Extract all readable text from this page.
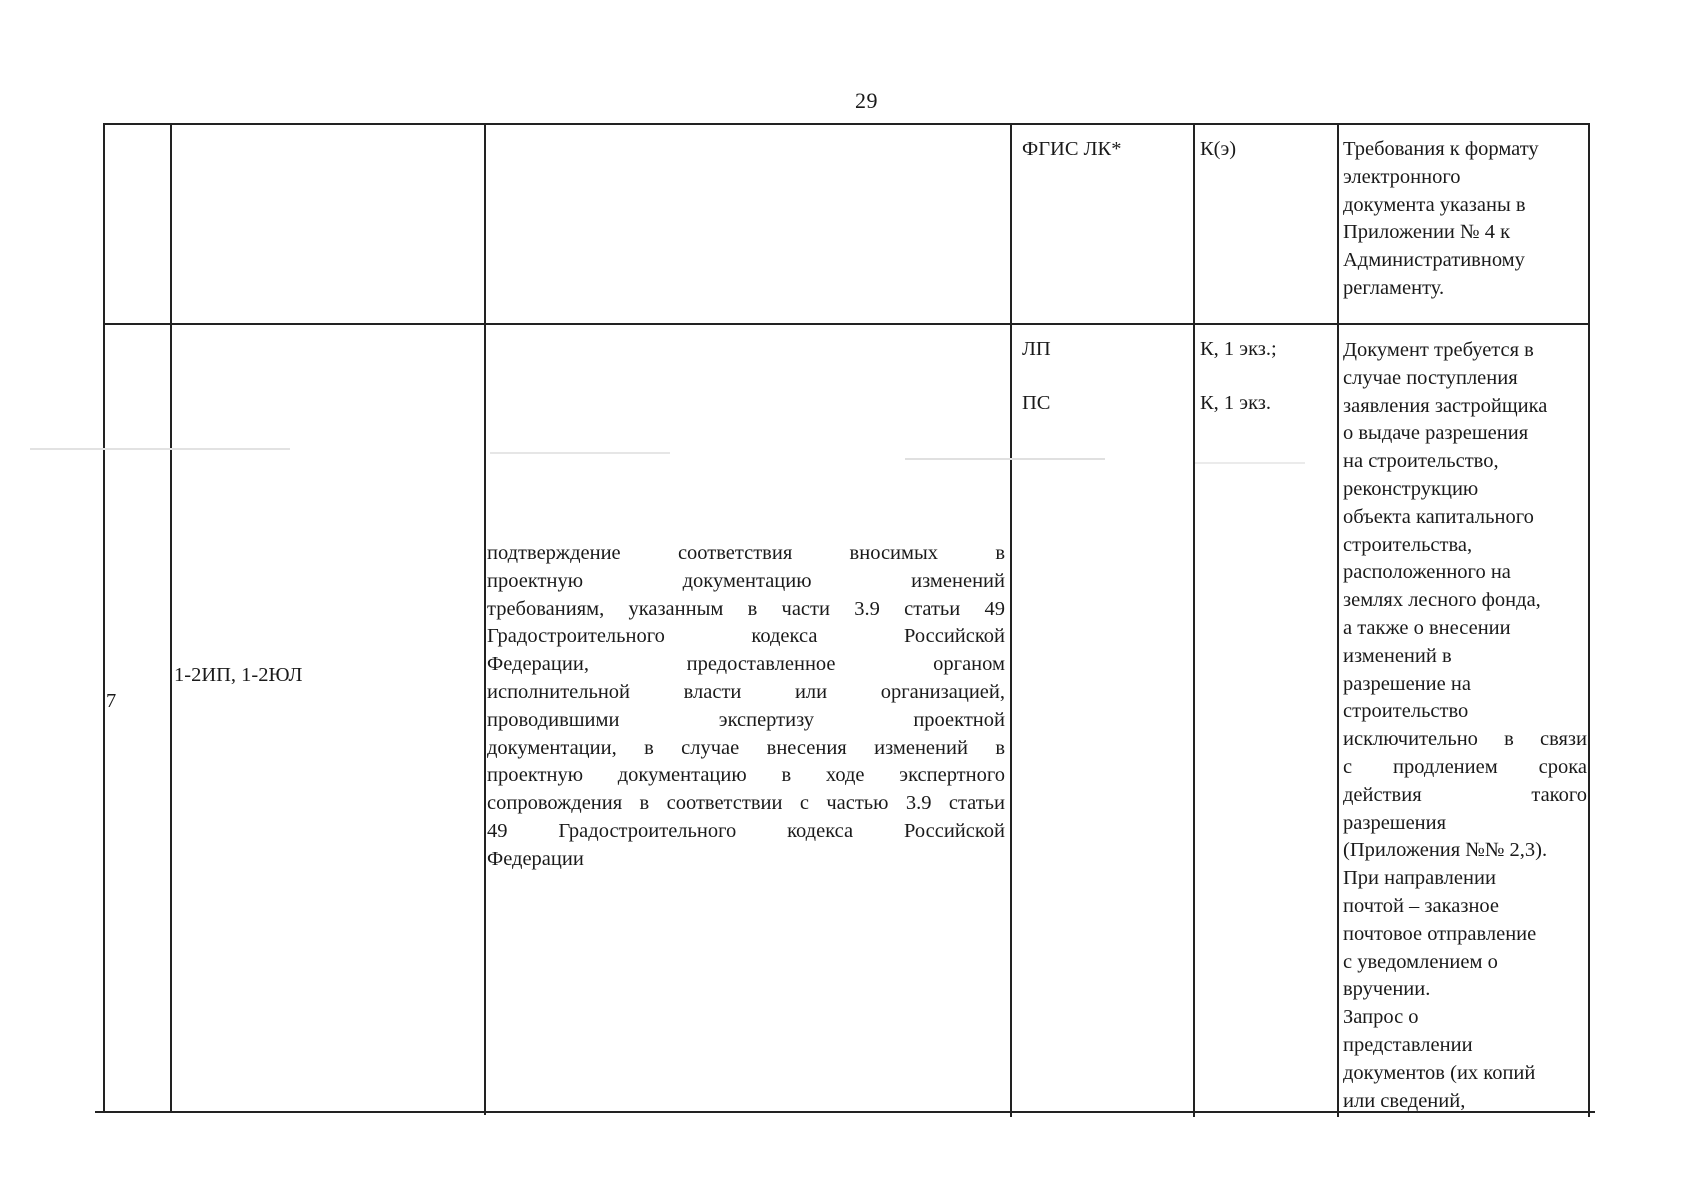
29
ФГИС ЛК*	К(э)	Требования к формату
электронного
документа указаны в
Приложении № 4 к
Административному
регламенту.
7
1-2ИП, 1-2ЮЛ
подтверждение соответствия вносимых в
проектную документацию изменений
требованиям, указанным в части 3.9 статьи 49
Градостроительного кодекса Российской
Федерации, предоставленное органом
исполнительной власти или организацией,
проводившими экспертизу проектной
документации, в случае внесения изменений в
проектную документацию в ходе экспертного
сопровождения в соответствии с частью 3.9 статьи
49 Градостроительного кодекса Российской
Федерации
ЛП
ПС
К, 1 экз.;
К, 1 экз.
Документ требуется в
случае поступления
заявления застройщика
о выдаче разрешения
на строительство,
реконструкцию
объекта капитального
строительства,
расположенного на
землях лесного фонда,
а также о внесении
изменений в
разрешение на
строительство
исключительно в связи
с продлением срока
действия такого
разрешения
(Приложения №№ 2,3).
При направлении
почтой – заказное
почтовое отправление
с уведомлением о
вручении.
Запрос о
представлении
документов (их копий
или сведений,
